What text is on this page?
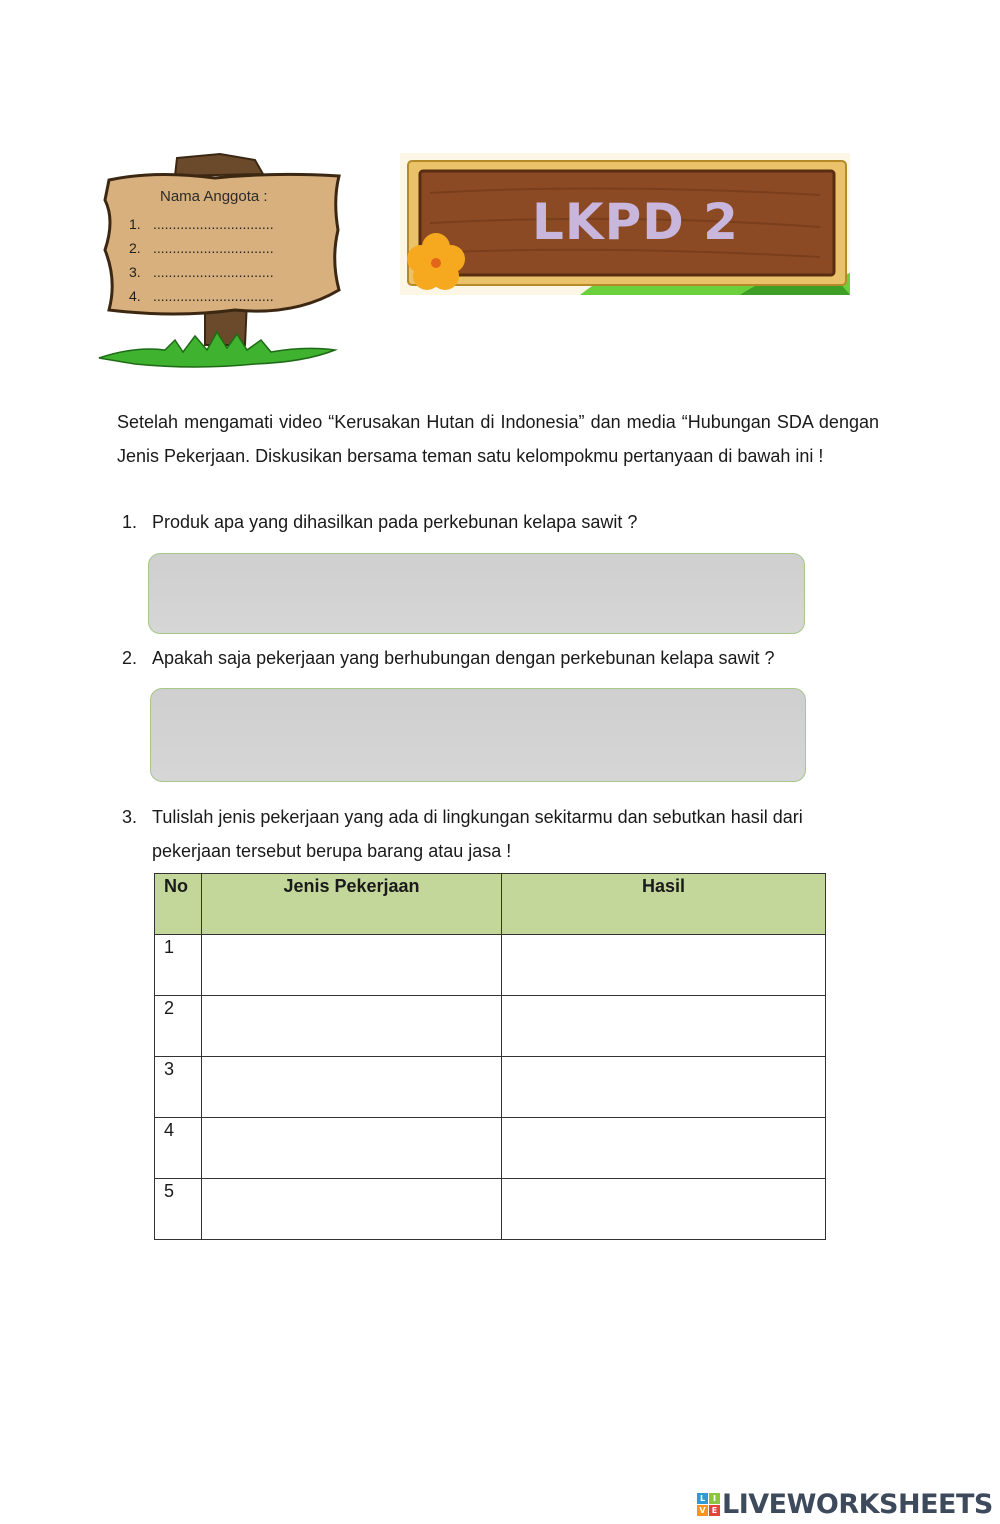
Nama Anggota :
1. ...............................
2. ...............................
3. ...............................
4. ...............................
LKPD 2

Setelah mengamati video “Kerusakan Hutan di Indonesia” dan media “Hubungan SDA dengan Jenis Pekerjaan. Diskusikan bersama teman satu kelompokmu pertanyaan di bawah ini !

1. Produk apa yang dihasilkan pada perkebunan kelapa sawit ?

2. Apakah saja pekerjaan yang berhubungan dengan perkebunan kelapa sawit ?

3. Tulislah jenis pekerjaan yang ada di lingkungan sekitarmu dan sebutkan hasil dari
pekerjaan tersebut berupa barang atau jasa !

No	Jenis Pekerjaan	Hasil
1		
2		
3		
4		
5		
L I
V E LIVEWORKSHEETS
